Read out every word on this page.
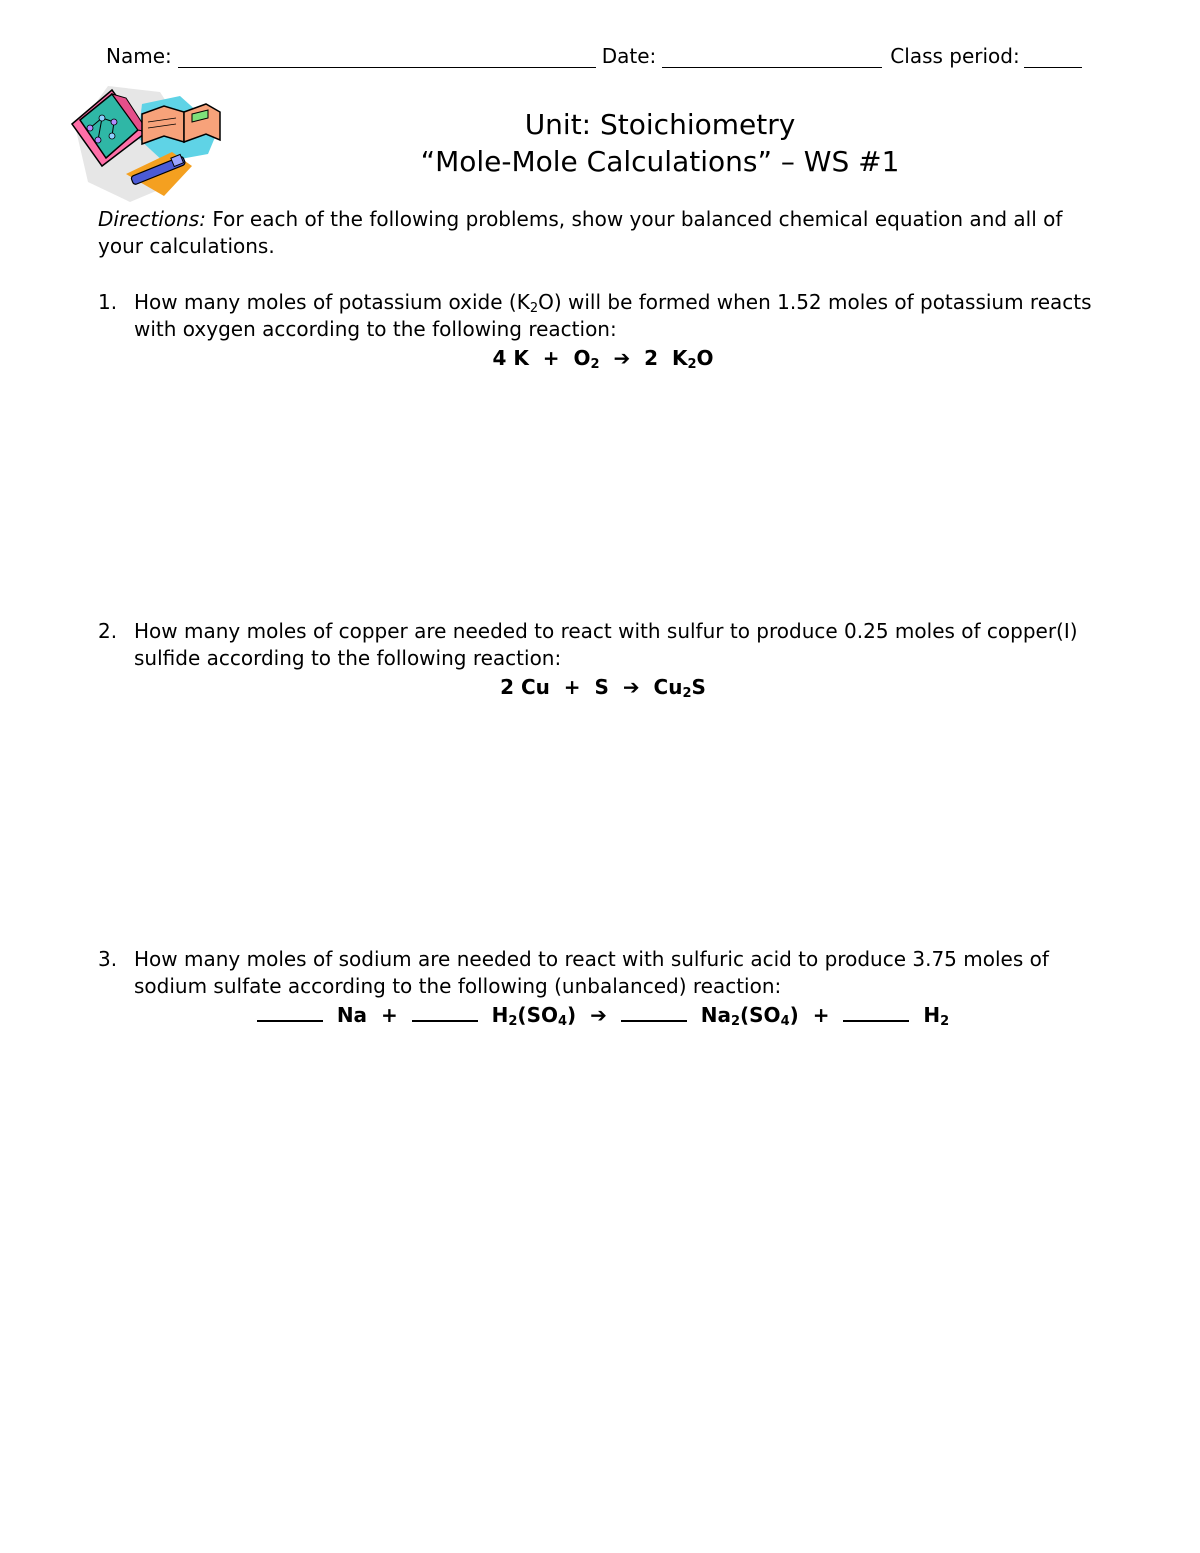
Name:	Date:	Class period:
Unit: Stoichiometry
“Mole-Mole Calculations” – WS #1
Directions: For each of the following problems, show your balanced chemical equation and all of your calculations.
1. How many moles of potassium oxide $(K_2O)$ will be formed when 1.52 moles of potassium reacts with oxygen according to the following reaction:
4 $K + O_2$ ➔ 2  $K_2O$
2. How many moles of copper are needed to react with sulfur to produce 0.25 moles of copper(I) sulfide according to the following reaction:
2 Cu  +  S ➔ $Cu_2S$
3. How many moles of sodium are needed to react with sulfuric acid to produce 3.75 moles of sodium sulfate according to the following (unbalanced) reaction:
Na +	$H_2(SO_4)$ ➔	$Na_2(SO_4)$ +	$H_2$
